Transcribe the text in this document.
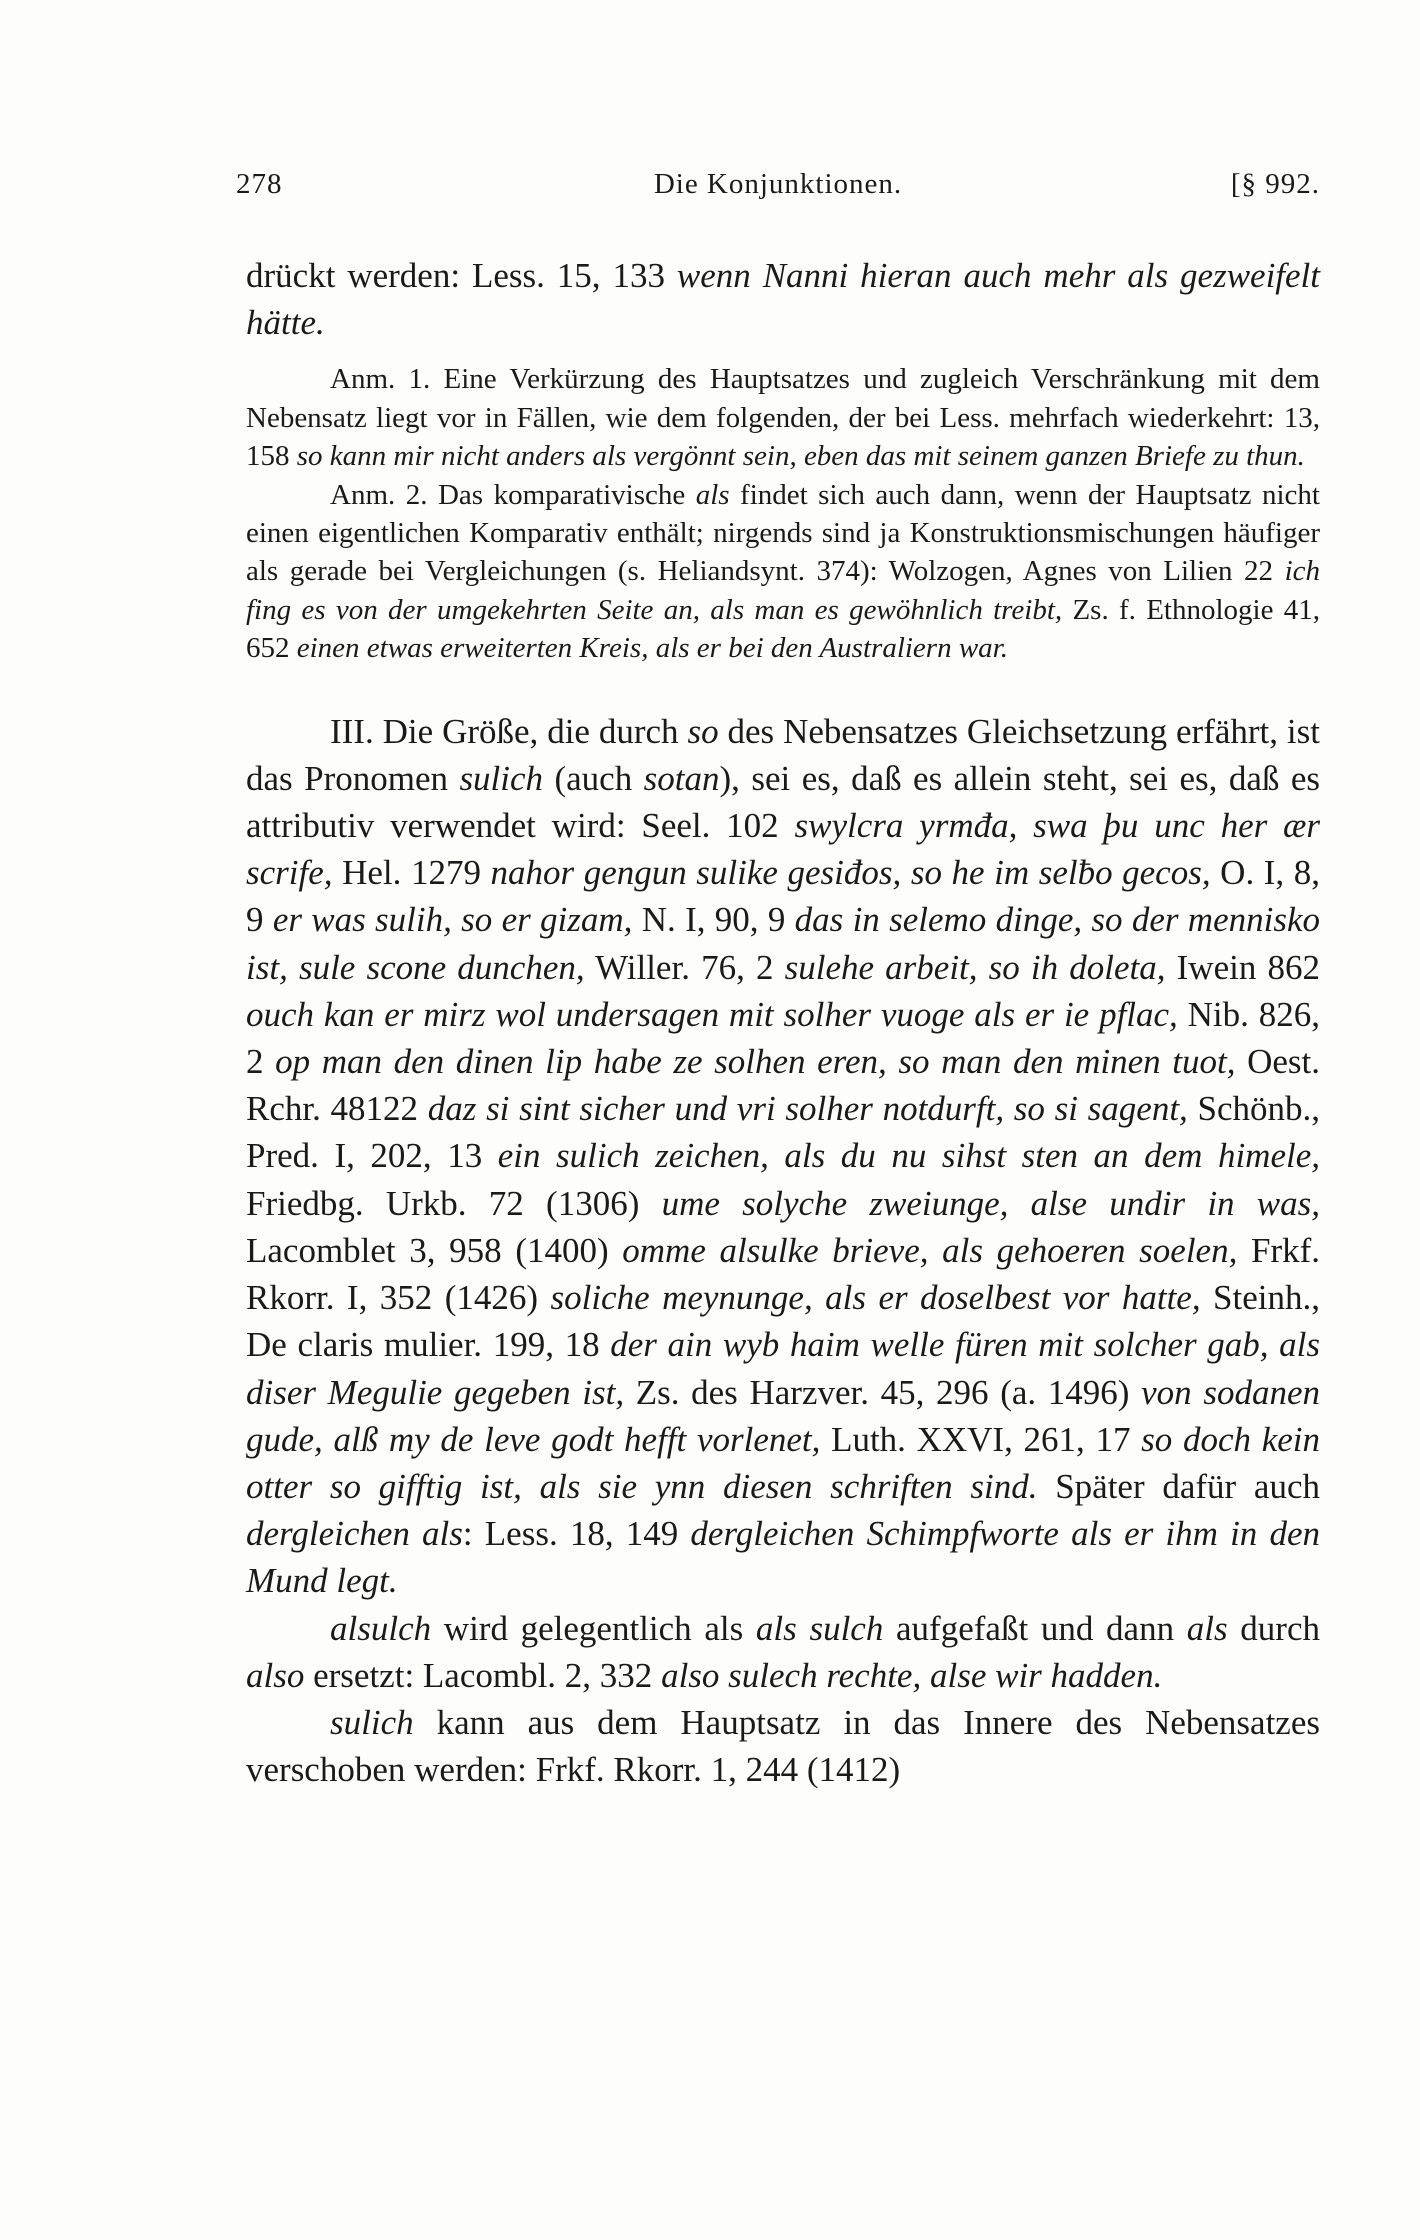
278	Die Konjunktionen.	[§ 992.

drückt werden: Less. 15, 133 wenn Nanni hieran auch mehr als gezweifelt hätte.

Anm. 1. Eine Verkürzung des Hauptsatzes und zugleich Verschränkung mit dem Nebensatz liegt vor in Fällen, wie dem folgenden, der bei Less. mehrfach wiederkehrt: 13, 158 so kann mir nicht anders als vergönnt sein, eben das mit seinem ganzen Briefe zu thun.

Anm. 2. Das komparativische als findet sich auch dann, wenn der Hauptsatz nicht einen eigentlichen Komparativ enthält; nirgends sind ja Konstruktionsmischungen häufiger als gerade bei Vergleichungen (s. Heliandsynt. 374): Wolzogen, Agnes von Lilien 22 ich fing es von der umgekehrten Seite an, als man es gewöhnlich treibt, Zs. f. Ethnologie 41, 652 einen etwas erweiterten Kreis, als er bei den Australiern war.

III. Die Größe, die durch so des Nebensatzes Gleichsetzung erfährt, ist das Pronomen sulich (auch sotan), sei es, daß es allein steht, sei es, daß es attributiv verwendet wird: Seel. 102 swylcra yrmđa, swa þu unc her ær scrife, Hel. 1279 nahor gengun sulike gesiđos, so he im selƀo gecos, O. I, 8, 9 er was sulih, so er gizam, N. I, 90, 9 das in selemo dinge, so der mennisko ist, sule scone dunchen, Willer. 76, 2 sulehe arbeit, so ih doleta, Iwein 862 ouch kan er mirz wol undersagen mit solher vuoge als er ie pflac, Nib. 826, 2 op man den dinen lip habe ze solhen eren, so man den minen tuot, Oest. Rchr. 48122 daz si sint sicher und vri solher notdurft, so si sagent, Schönb., Pred. I, 202, 13 ein sulich zeichen, als du nu sihst sten an dem himele, Friedbg. Urkb. 72 (1306) ume solyche zweiunge, alse undir in was, Lacomblet 3, 958 (1400) omme alsulke brieve, als gehoeren soelen, Frkf. Rkorr. I, 352 (1426) soliche meynunge, als er doselbest vor hatte, Steinh., De claris mulier. 199, 18 der ain wyb haim welle füren mit solcher gab, als diser Megulie gegeben ist, Zs. des Harzver. 45, 296 (a. 1496) von sodanen gude, alß my de leve godt hefft vorlenet, Luth. XXVI, 261, 17 so doch kein otter so gifftig ist, als sie ynn diesen schriften sind. Später dafür auch dergleichen als: Less. 18, 149 dergleichen Schimpfworte als er ihm in den Mund legt.

alsulch wird gelegentlich als als sulch aufgefaßt und dann als durch also ersetzt: Lacombl. 2, 332 also sulech rechte, alse wir hadden.

sulich kann aus dem Hauptsatz in das Innere des Nebensatzes verschoben werden: Frkf. Rkorr. 1, 244 (1412)
